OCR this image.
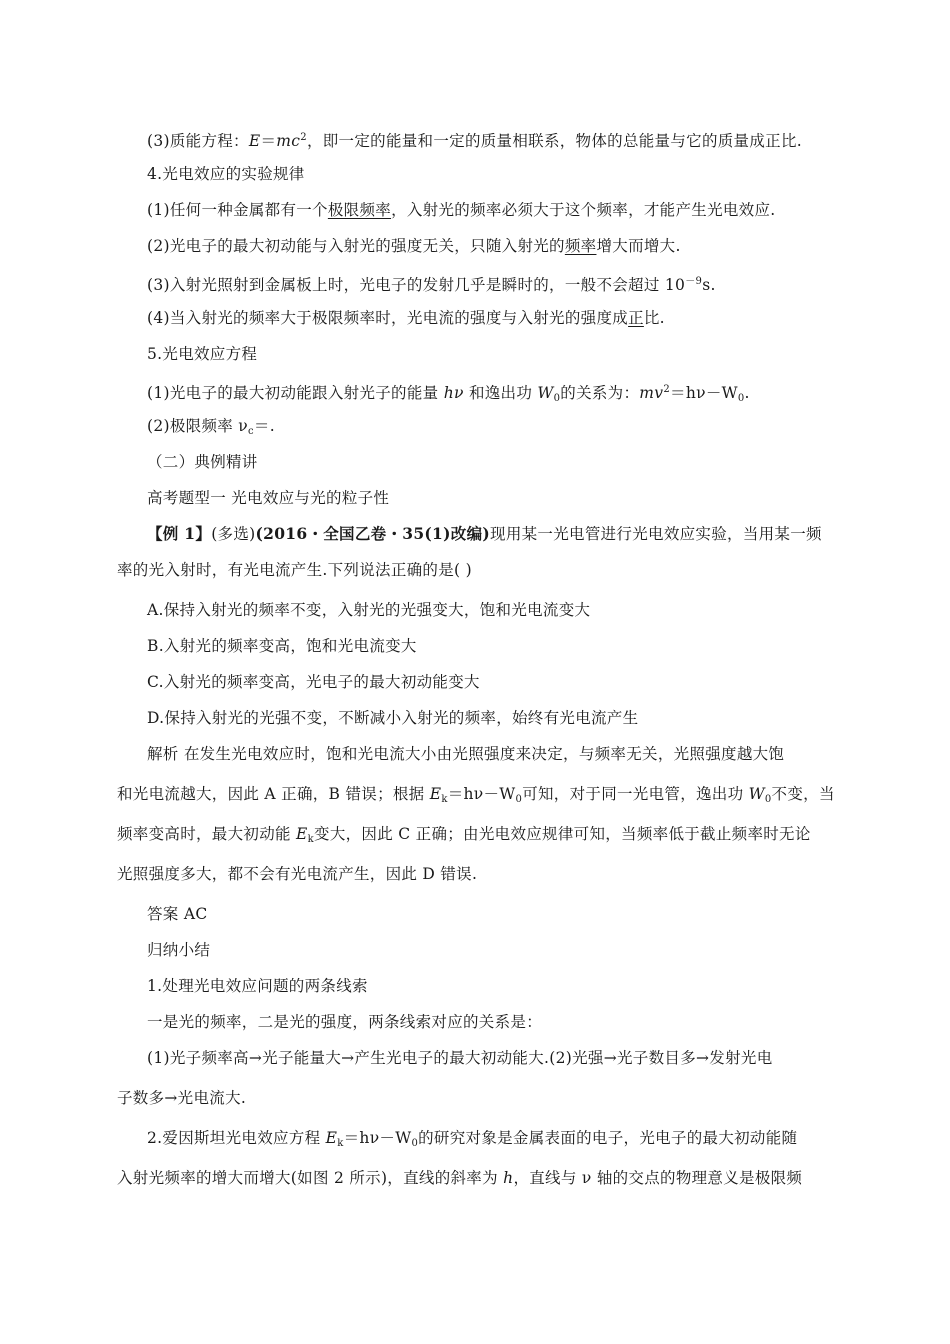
(3)质能方程：$E=mc^2$，即一定的能量和一定的质量相联系，物体的总能量与它的质量成正比.
4.光电效应的实验规律
(1)任何一种金属都有一个极限频率，入射光的频率必须大于这个频率，才能产生光电效应.
(2)光电子的最大初动能与入射光的强度无关，只随入射光的频率增大而增大.
(3)入射光照射到金属板上时，光电子的发射几乎是瞬时的，一般不会超过 $10^{-9}s$.
(4)当入射光的频率大于极限频率时，光电流的强度与入射光的强度成正比.
5.光电效应方程
(1)光电子的最大初动能跟入射光子的能量 hν 和逸出功 $W_0$的关系为：$mv^2=h\nu-W_0$.
(2)极限频率 $\nu_c=$.
（二）典例精讲
高考题型一 光电效应与光的粒子性
【例 1】(多选)(2016・全国乙卷・35(1)改编)现用某一光电管进行光电效应实验，当用某一频
率的光入射时，有光电流产生.下列说法正确的是( )
A.保持入射光的频率不变，入射光的光强变大，饱和光电流变大
B.入射光的频率变高，饱和光电流变大
C.入射光的频率变高，光电子的最大初动能变大
D.保持入射光的光强不变，不断减小入射光的频率，始终有光电流产生
解析 在发生光电效应时，饱和光电流大小由光照强度来决定，与频率无关，光照强度越大饱
和光电流越大，因此 A 正确，B 错误；根据 $E_k=h\nu-W_0$可知，对于同一光电管，逸出功 $W_0$不变，当
频率变高时，最大初动能 $E_k$变大，因此 C 正确；由光电效应规律可知，当频率低于截止频率时无论
光照强度多大，都不会有光电流产生，因此 D 错误.
答案 AC
归纳小结
1.处理光电效应问题的两条线索
一是光的频率，二是光的强度，两条线索对应的关系是：
(1)光子频率高→光子能量大→产生光电子的最大初动能大.(2)光强→光子数目多→发射光电
子数多→光电流大.
2.爱因斯坦光电效应方程 $E_k=h\nu-W_0$的研究对象是金属表面的电子，光电子的最大初动能随
入射光频率的增大而增大(如图 2 所示)，直线的斜率为 h，直线与 ν 轴的交点的物理意义是极限频
